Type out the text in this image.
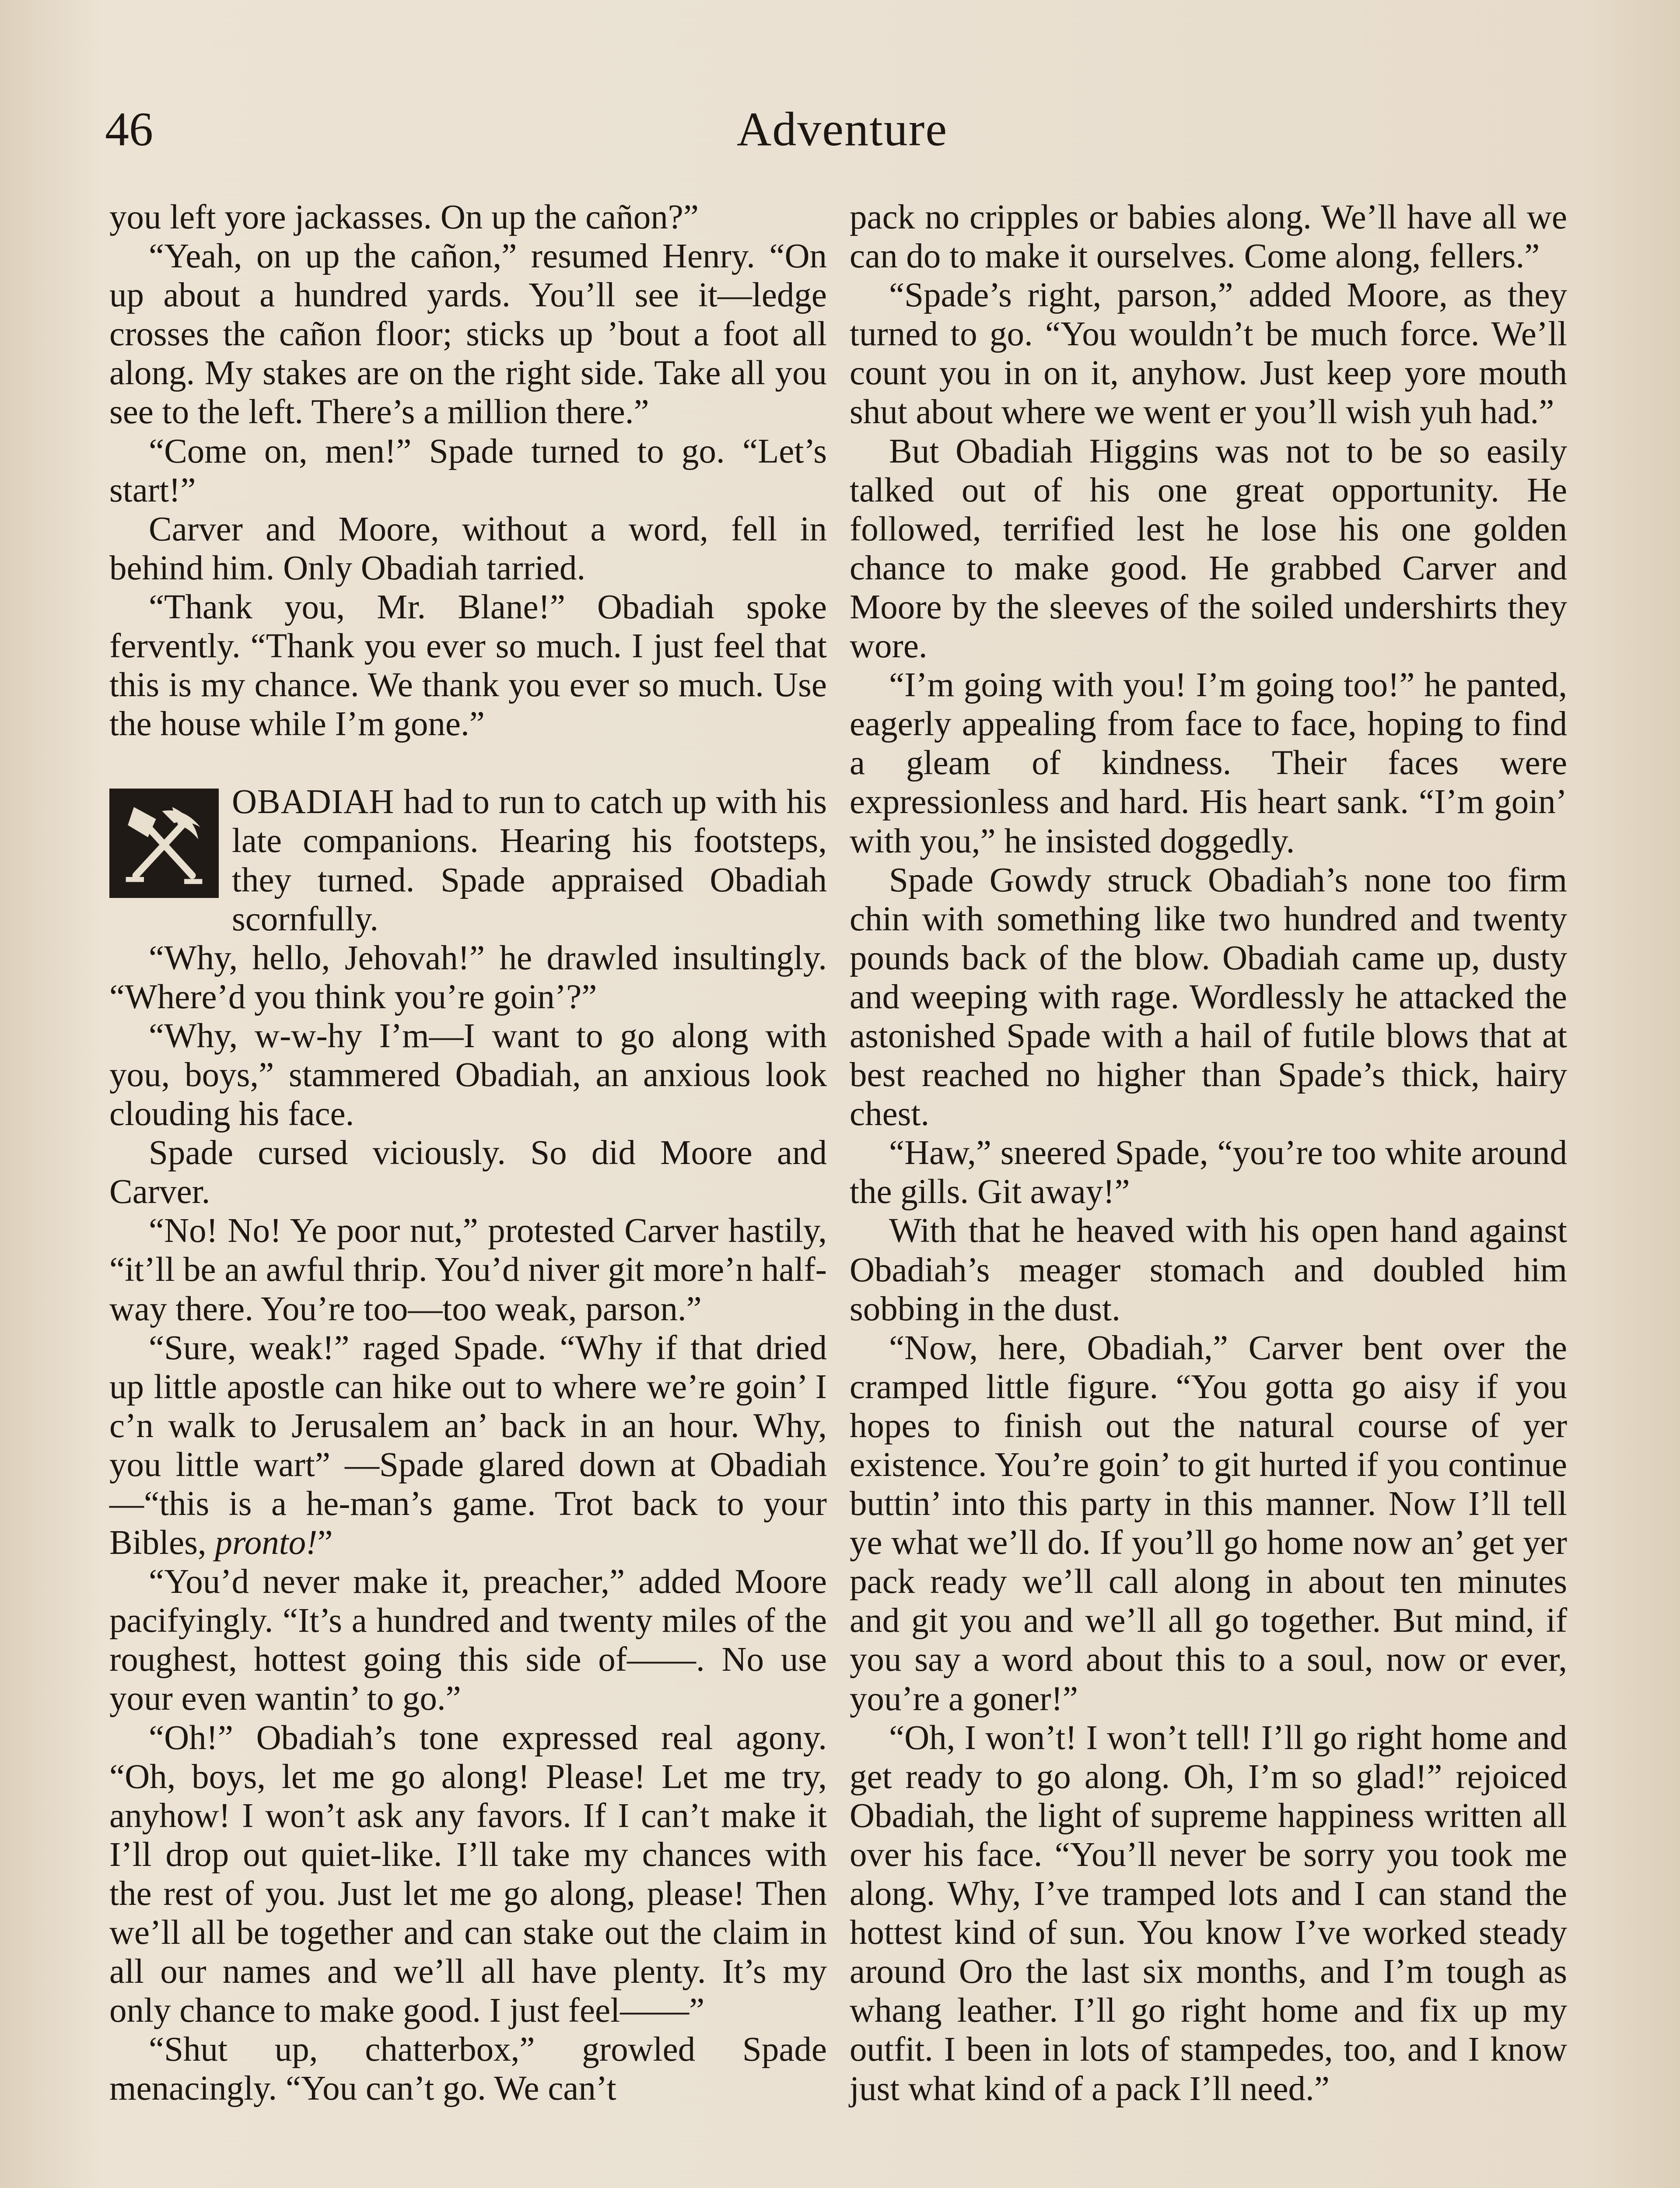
46	Adventure

you left yore jackasses. On up the cañon?”

“Yeah, on up the cañon,” resumed Henry. “On up about a hundred yards. You’ll see it—ledge crosses the cañon floor; sticks up ’bout a foot all along. My stakes are on the right side. Take all you see to the left. There’s a million there.”

“Come on, men!” Spade turned to go. “Let’s start!”

Carver and Moore, without a word, fell in behind him. Only Obadiah tarried.

“Thank you, Mr. Blane!” Obadiah spoke fervently. “Thank you ever so much. I just feel that this is my chance. We thank you ever so much. Use the house while I’m gone.”

OBADIAH had to run to catch up with his late companions. Hearing his footsteps, they turned. Spade appraised Obadiah scornfully.

“Why, hello, Jehovah!” he drawled insultingly. “Where’d you think you’re goin’?”

“Why, w-w-hy I’m—I want to go along with you, boys,” stammered Obadiah, an anxious look clouding his face.

Spade cursed viciously. So did Moore and Carver.

“No! No! Ye poor nut,” protested Carver hastily, “it’ll be an awful thrip. You’d niver git more’n half-way there. You’re too—too weak, parson.”

“Sure, weak!” raged Spade. “Why if that dried up little apostle can hike out to where we’re goin’ I c’n walk to Jerusalem an’ back in an hour. Why, you little wart” —Spade glared down at Obadiah—“this is a he-man’s game. Trot back to your Bibles, pronto!”

“You’d never make it, preacher,” added Moore pacifyingly. “It’s a hundred and twenty miles of the roughest, hottest going this side of——. No use your even wantin’ to go.”

“Oh!” Obadiah’s tone expressed real agony. “Oh, boys, let me go along! Please! Let me try, anyhow! I won’t ask any favors. If I can’t make it I’ll drop out quiet-like. I’ll take my chances with the rest of you. Just let me go along, please! Then we’ll all be together and can stake out the claim in all our names and we’ll all have plenty. It’s my only chance to make good. I just feel——”

“Shut up, chatterbox,” growled Spade menacingly. “You can’t go. We can’t

pack no cripples or babies along. We’ll have all we can do to make it ourselves. Come along, fellers.”

“Spade’s right, parson,” added Moore, as they turned to go. “You wouldn’t be much force. We’ll count you in on it, anyhow. Just keep yore mouth shut about where we went er you’ll wish yuh had.”

But Obadiah Higgins was not to be so easily talked out of his one great opportunity. He followed, terrified lest he lose his one golden chance to make good. He grabbed Carver and Moore by the sleeves of the soiled undershirts they wore.

“I’m going with you! I’m going too!” he panted, eagerly appealing from face to face, hoping to find a gleam of kindness. Their faces were expressionless and hard. His heart sank. “I’m goin’ with you,” he insisted doggedly.

Spade Gowdy struck Obadiah’s none too firm chin with something like two hundred and twenty pounds back of the blow. Obadiah came up, dusty and weeping with rage. Wordlessly he attacked the astonished Spade with a hail of futile blows that at best reached no higher than Spade’s thick, hairy chest.

“Haw,” sneered Spade, “you’re too white around the gills. Git away!”

With that he heaved with his open hand against Obadiah’s meager stomach and doubled him sobbing in the dust.

“Now, here, Obadiah,” Carver bent over the cramped little figure. “You gotta go aisy if you hopes to finish out the natural course of yer existence. You’re goin’ to git hurted if you continue buttin’ into this party in this manner. Now I’ll tell ye what we’ll do. If you’ll go home now an’ get yer pack ready we’ll call along in about ten minutes and git you and we’ll all go together. But mind, if you say a word about this to a soul, now or ever, you’re a goner!”

“Oh, I won’t! I won’t tell! I’ll go right home and get ready to go along. Oh, I’m so glad!” rejoiced Obadiah, the light of supreme happiness written all over his face. “You’ll never be sorry you took me along. Why, I’ve tramped lots and I can stand the hottest kind of sun. You know I’ve worked steady around Oro the last six months, and I’m tough as whang leather. I’ll go right home and fix up my outfit. I been in lots of stampedes, too, and I know just what kind of a pack I’ll need.”
